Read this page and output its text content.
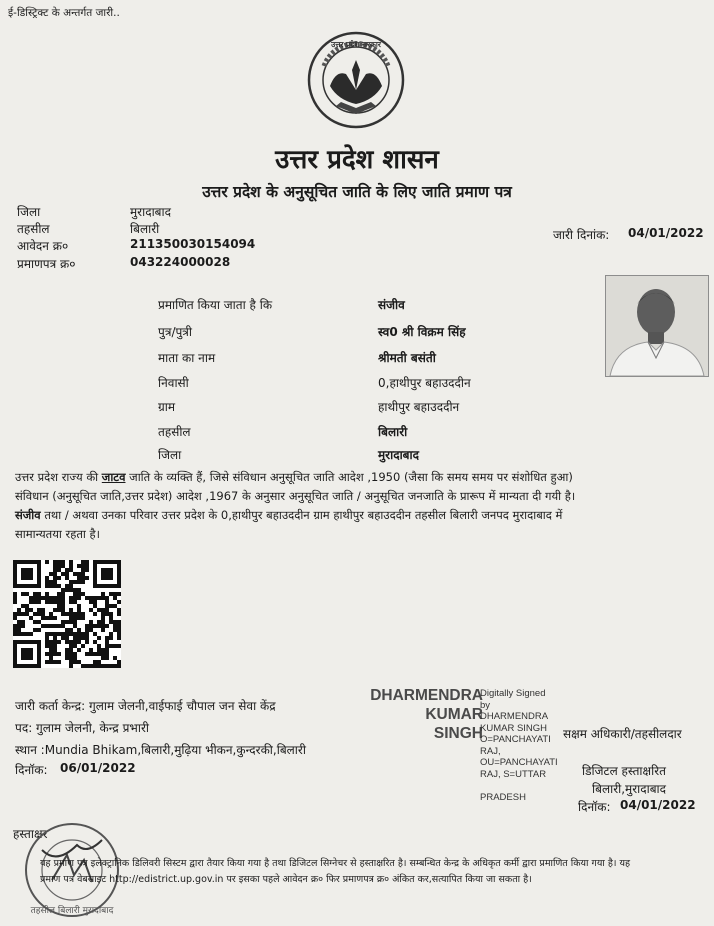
ई-डिस्ट्रिक्ट के अन्तर्गत जारी..
उत्तर प्रदेश सरकार
उत्तर प्रदेश शासन
उत्तर प्रदेश के अनुसूचित जाति के लिए जाति प्रमाण पत्र
जिला	मुरादाबाद
तहसील	बिलारी
आवेदन क्र०	211350030154094
प्रमाणपत्र क्र०	043224000028
जारी दिनांक: 04/01/2022
प्रमाणित किया जाता है कि	संजीव
पुत्र/पुत्री	स्व0 श्री विक्रम सिंह
माता का नाम	श्रीमती बसंती
निवासी	0,हाथीपुर बहाउददीन
ग्राम	हाथीपुर बहाउददीन
तहसील	बिलारी
जिला	मुरादाबाद
उत्तर प्रदेश राज्य की जाटव जाति के व्यक्ति हैं, जिसे संविधान अनुसूचित जाति आदेश ,1950 (जैसा कि समय समय पर संशोधित हुआ)
संविधान (अनुसूचित जाति,उत्तर प्रदेश) आदेश ,1967 के अनुसार अनुसूचित जाति / अनुसूचित जनजाति के प्रारूप में मान्यता दी गयी है।
संजीव तथा / अथवा उनका परिवार उत्तर प्रदेश के 0,हाथीपुर बहाउददीन ग्राम हाथीपुर बहाउददीन तहसील बिलारी जनपद मुरादाबाद में
सामान्यतया रहता है।
जारी कर्ता केन्द्र: गुलाम जेलनी,वाईफाई चौपाल जन सेवा केंद्र
पद: गुलाम जेलनी, केन्द्र प्रभारी
स्थान :Mundia Bhikam,बिलारी,मुढ़िया भीकन,कुन्दरकी,बिलारी
दिनॉक: 06/01/2022
DHARMENDRA
KUMAR
SINGH
Digitally Signed
by
DHARMENDRA
KUMAR SINGH
O=PANCHAYATI
RAJ,
OU=PANCHAYATI
RAJ, S=UTTAR
PRADESH
सक्षम अधिकारी/तहसीलदार
डिजिटल हस्ताक्षरित
बिलारी,मुरादाबाद
दिनॉक: 04/01/2022
हस्ताक्षर
तहसील बिलारी मुरादाबाद
यह प्रमाण पत्र इलेक्ट्रानिक डिलिवरी सिस्टम द्वारा तैयार किया गया है तथा डिजिटल सिग्नेचर से हस्ताक्षरित है। सम्बन्धित केन्द्र के अधिकृत कर्मी द्वारा प्रमाणित किया गया है। यह
प्रमाण पत्र वेबसाइट http://edistrict.up.gov.in पर इसका पहले आवेदन क्र० फिर प्रमाणपत्र क्र० अंकित कर,सत्यापित किया जा सकता है।
